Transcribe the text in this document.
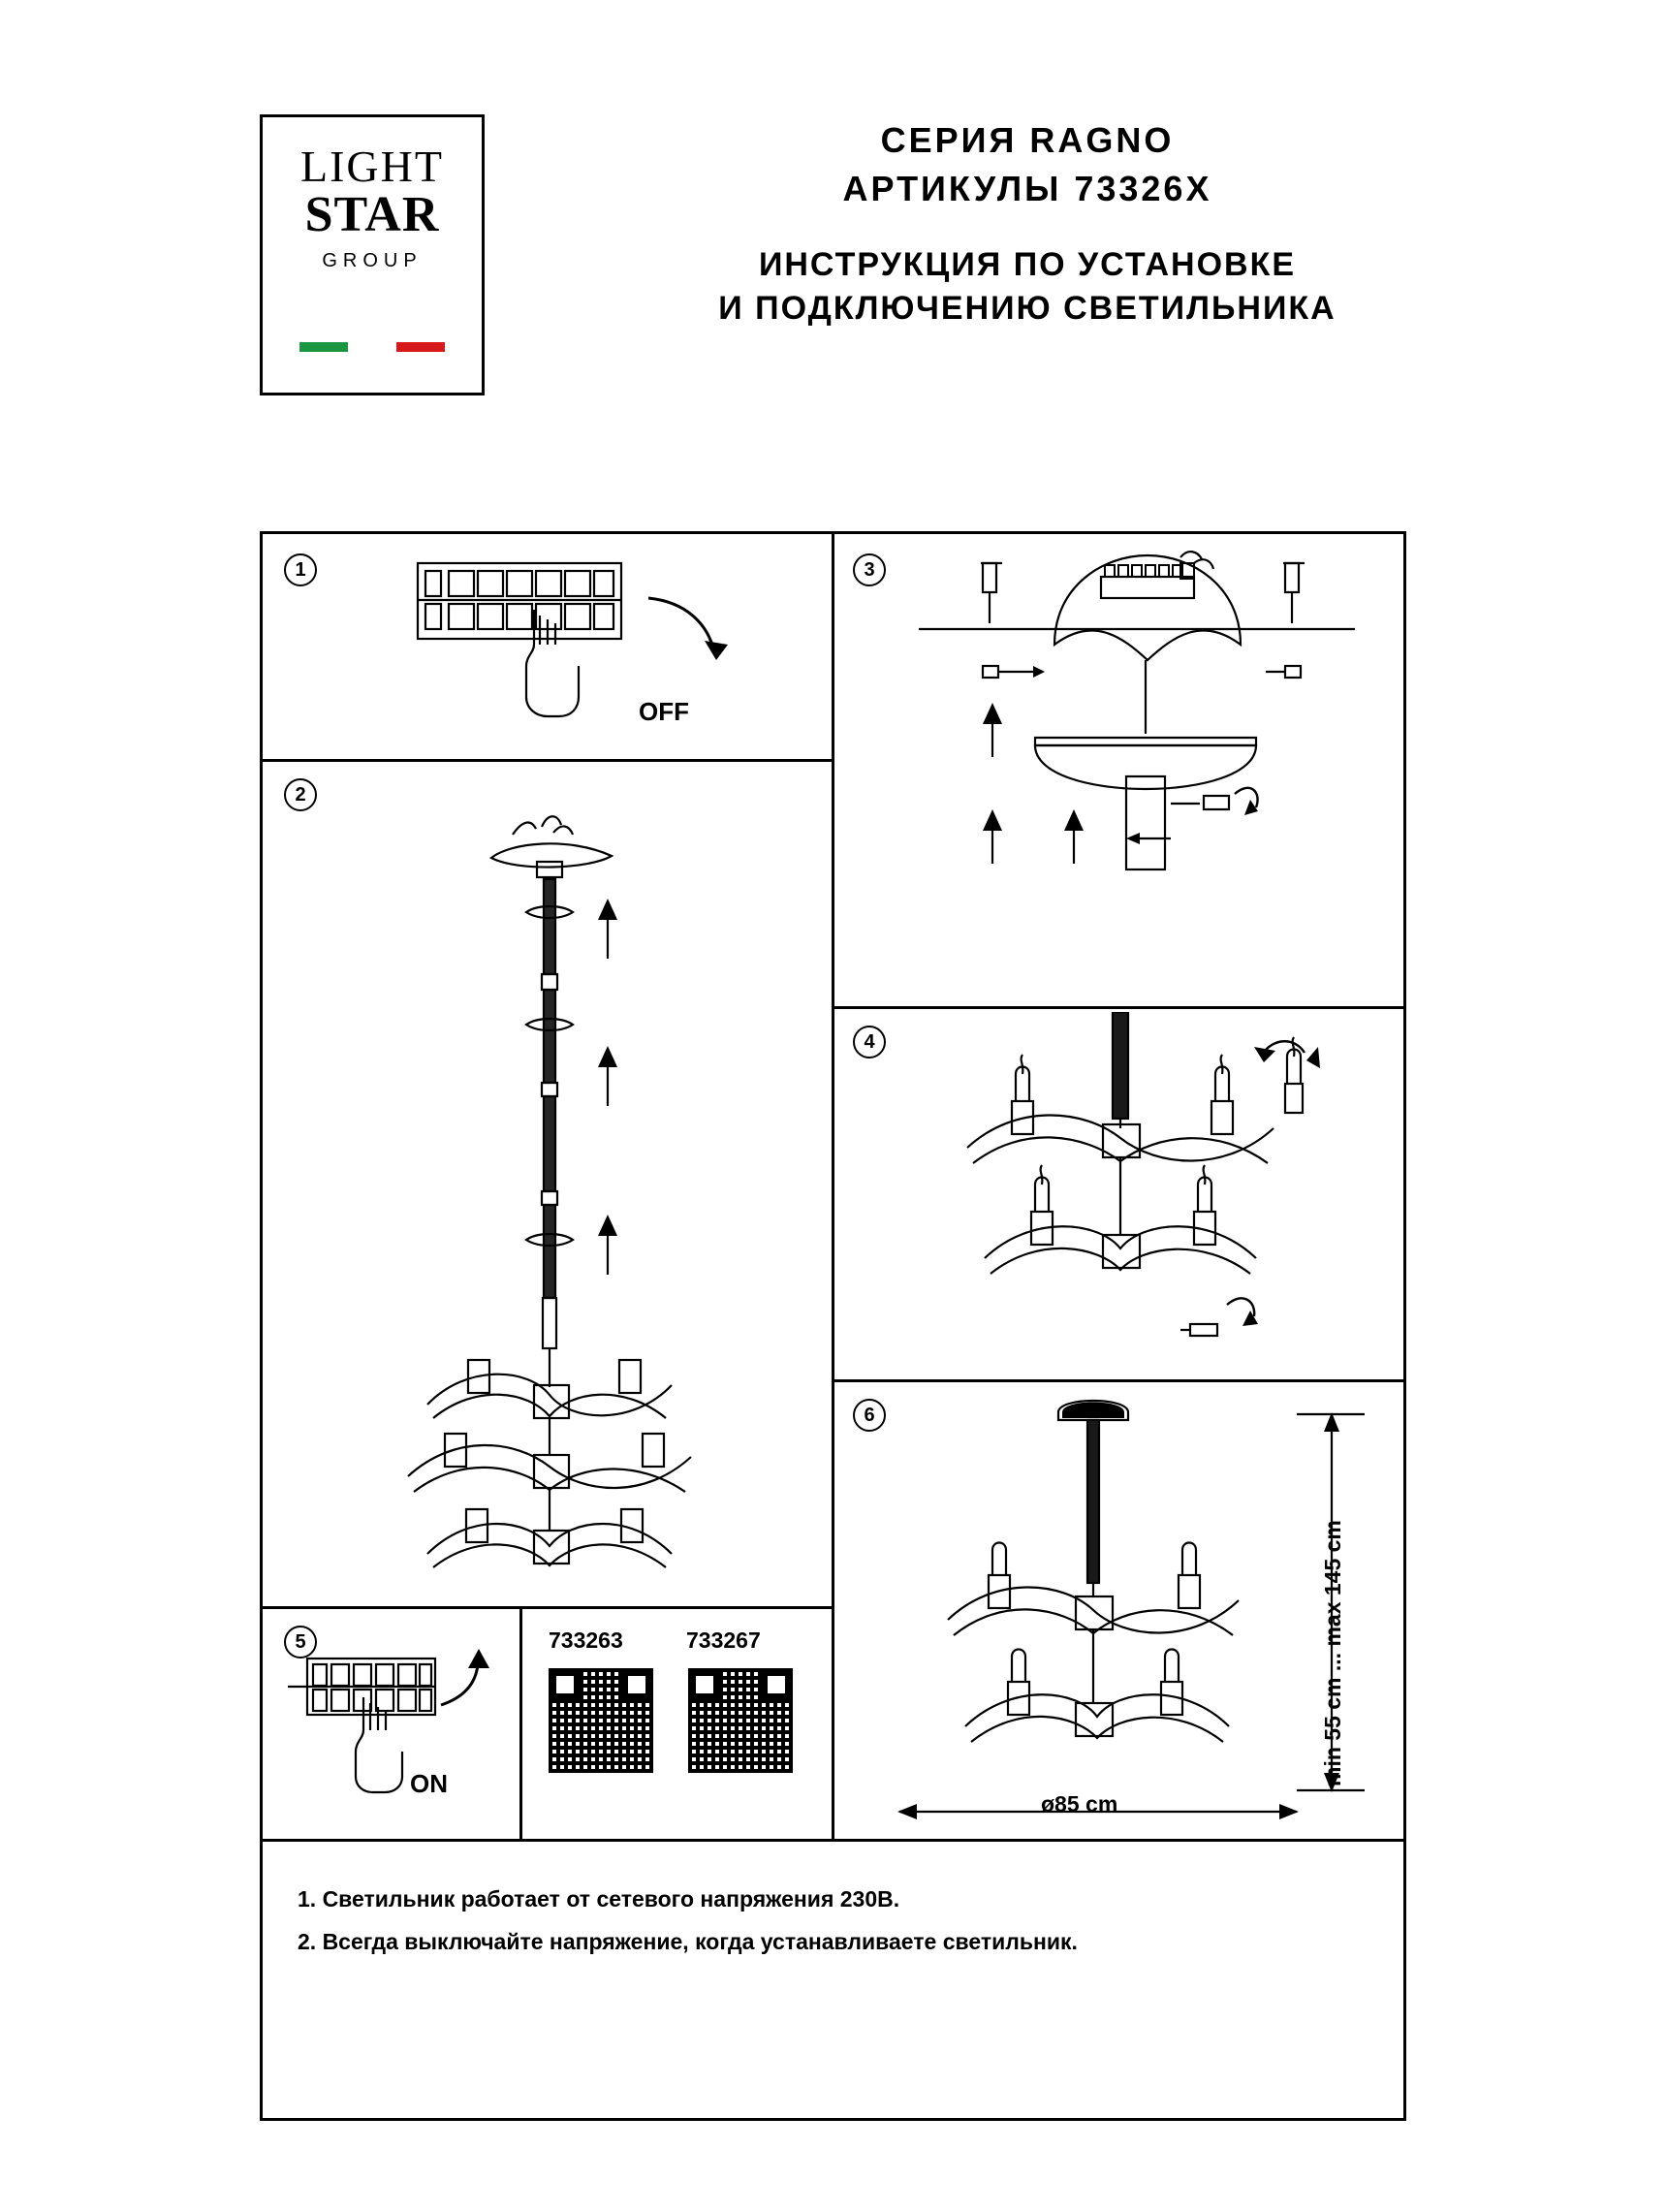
LIGHT
STAR
GROUP
СЕРИЯ RAGNO
АРТИКУЛЫ 73326X
ИНСТРУКЦИЯ ПО УСТАНОВКЕ
И ПОДКЛЮЧЕНИЮ СВЕТИЛЬНИКА
1
OFF
2
5
ON
733263	733267
3
4
6
min 55 cm ... max 145 cm
ø85 cm
1. Светильник работает от сетевого напряжения 230В.
2. Всегда выключайте напряжение, когда устанавливаете светильник.
